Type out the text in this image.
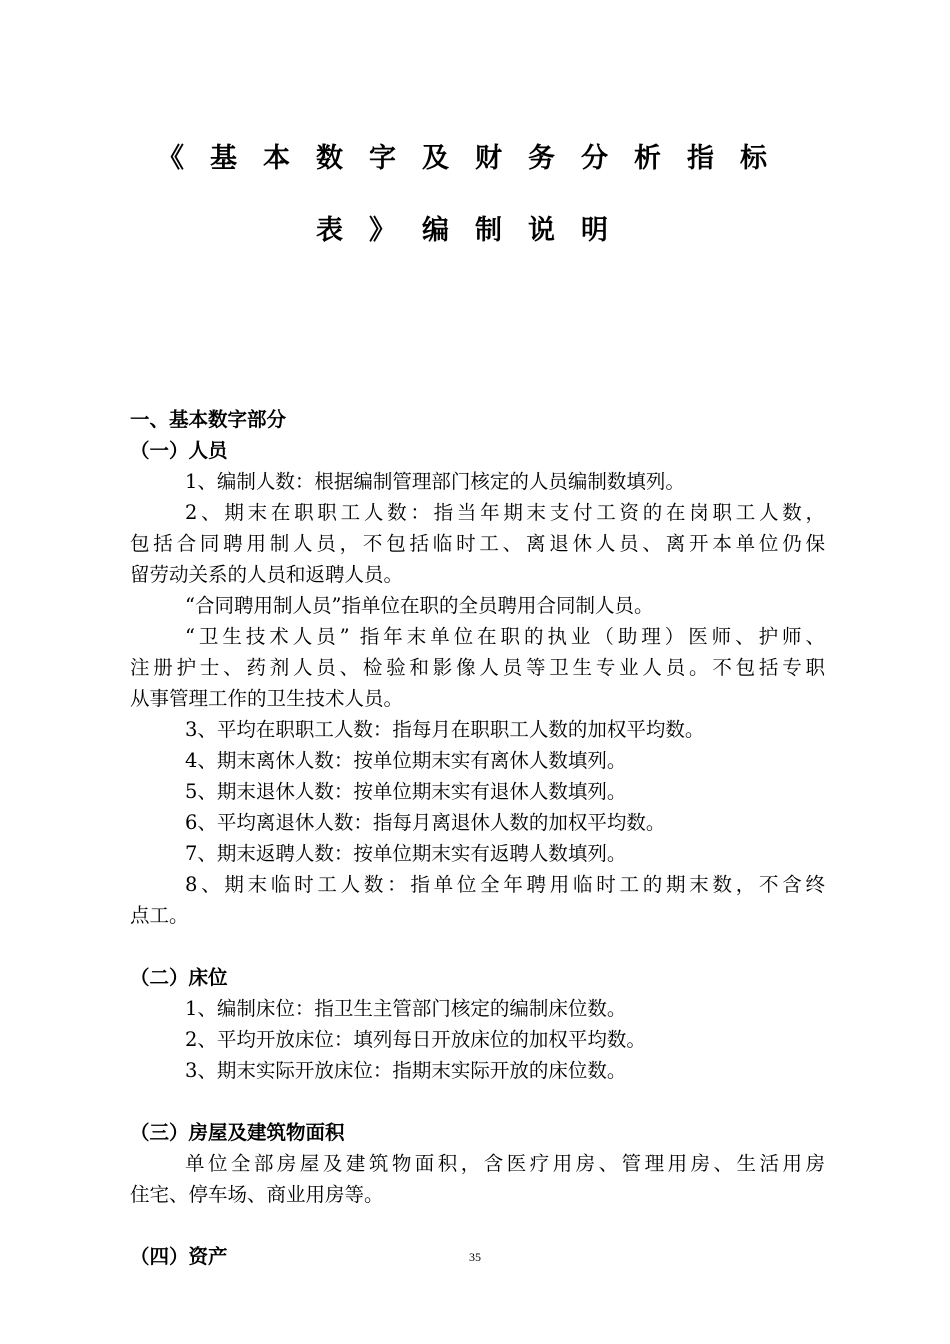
《基本数字及财务分析指标
表》编制说明
一、基本数字部分
（一）人员
1、编制人数：根据编制管理部门核定的人员编制数填列。
2、期末在职职工人数：指当年期末支付工资的在岗职工人数，
包括合同聘用制人员，不包括临时工、离退休人员、离开本单位仍保
留劳动关系的人员和返聘人员。
“合同聘用制人员”指单位在职的全员聘用合同制人员。
“卫生技术人员” 指年末单位在职的执业（助理）医师、护师、
注册护士、药剂人员、检验和影像人员等卫生专业人员。不包括专职
从事管理工作的卫生技术人员。
3、平均在职职工人数：指每月在职职工人数的加权平均数。
4、期末离休人数：按单位期末实有离休人数填列。
5、期末退休人数：按单位期末实有退休人数填列。
6、平均离退休人数：指每月离退休人数的加权平均数。
7、期末返聘人数：按单位期末实有返聘人数填列。
8、期末临时工人数：指单位全年聘用临时工的期末数，不含终
点工。
（二）床位
1、编制床位：指卫生主管部门核定的编制床位数。
2、平均开放床位：填列每日开放床位的加权平均数。
3、期末实际开放床位：指期末实际开放的床位数。
（三）房屋及建筑物面积
单位全部房屋及建筑物面积，含医疗用房、管理用房、生活用房
住宅、停车场、商业用房等。
（四）资产	35
